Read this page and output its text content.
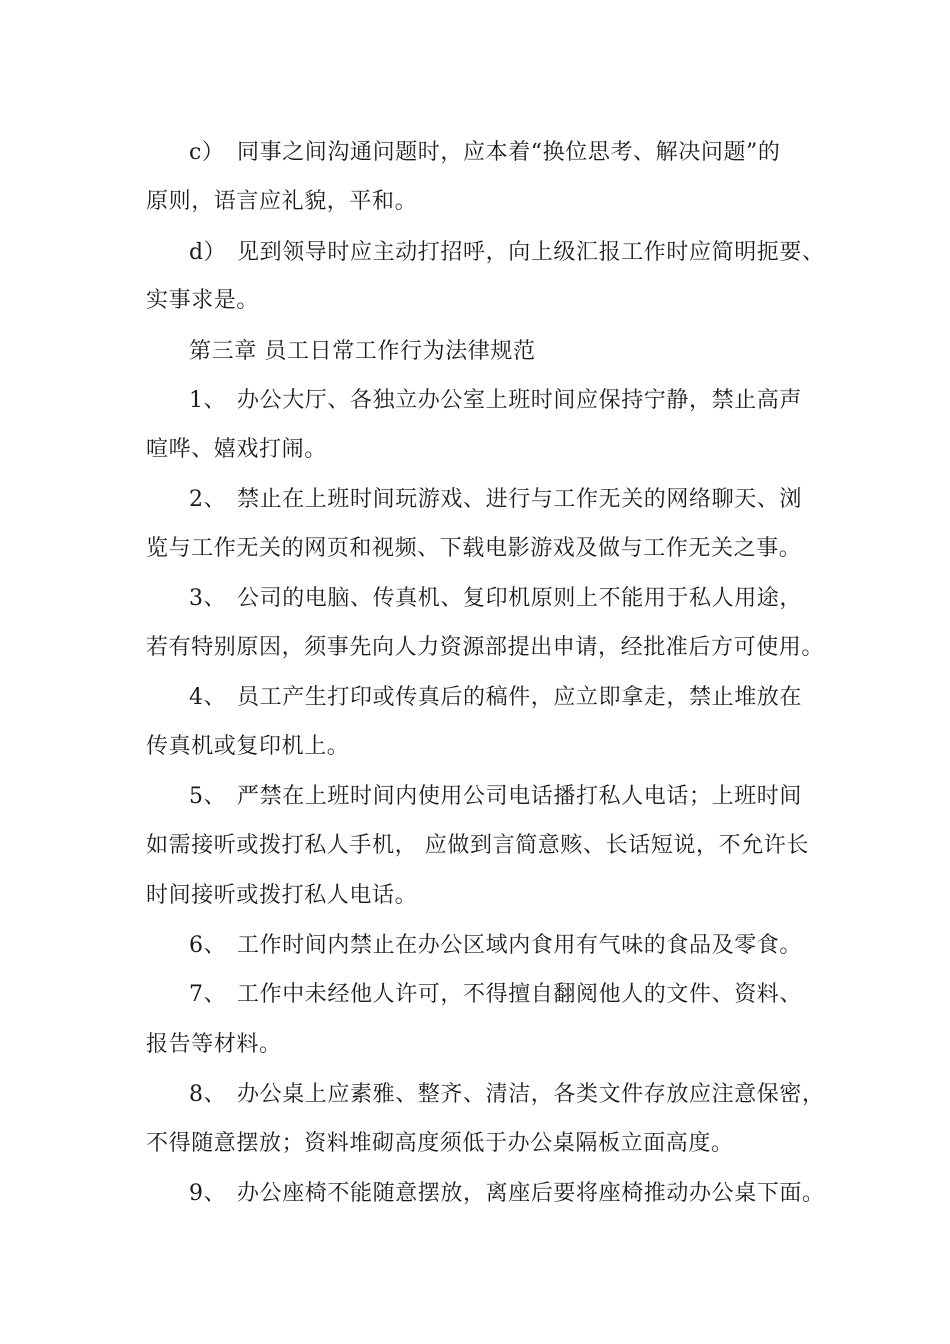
c） 同事之间沟通问题时，应本着“换位思考、解决问题”的
原则，语言应礼貌，平和。
d） 见到领导时应主动打招呼，向上级汇报工作时应简明扼要、
实事求是。
第三章 员工日常工作行为法律规范
1、 办公大厅、各独立办公室上班时间应保持宁静，禁止高声
喧哗、嬉戏打闹。
2、 禁止在上班时间玩游戏、进行与工作无关的网络聊天、浏
览与工作无关的网页和视频、下载电影游戏及做与工作无关之事。
3、 公司的电脑、传真机、复印机原则上不能用于私人用途，
若有特别原因，须事先向人力资源部提出申请，经批准后方可使用。
4、 员工产生打印或传真后的稿件，应立即拿走，禁止堆放在
传真机或复印机上。
5、 严禁在上班时间内使用公司电话播打私人电话；上班时间
如需接听或拨打私人手机， 应做到言简意赅、长话短说，不允许长
时间接听或拨打私人电话。
6、 工作时间内禁止在办公区域内食用有气味的食品及零食。
7、 工作中未经他人许可，不得擅自翻阅他人的文件、资料、
报告等材料。
8、 办公桌上应素雅、整齐、清洁，各类文件存放应注意保密，
不得随意摆放；资料堆砌高度须低于办公桌隔板立面高度。
9、 办公座椅不能随意摆放，离座后要将座椅推动办公桌下面。
